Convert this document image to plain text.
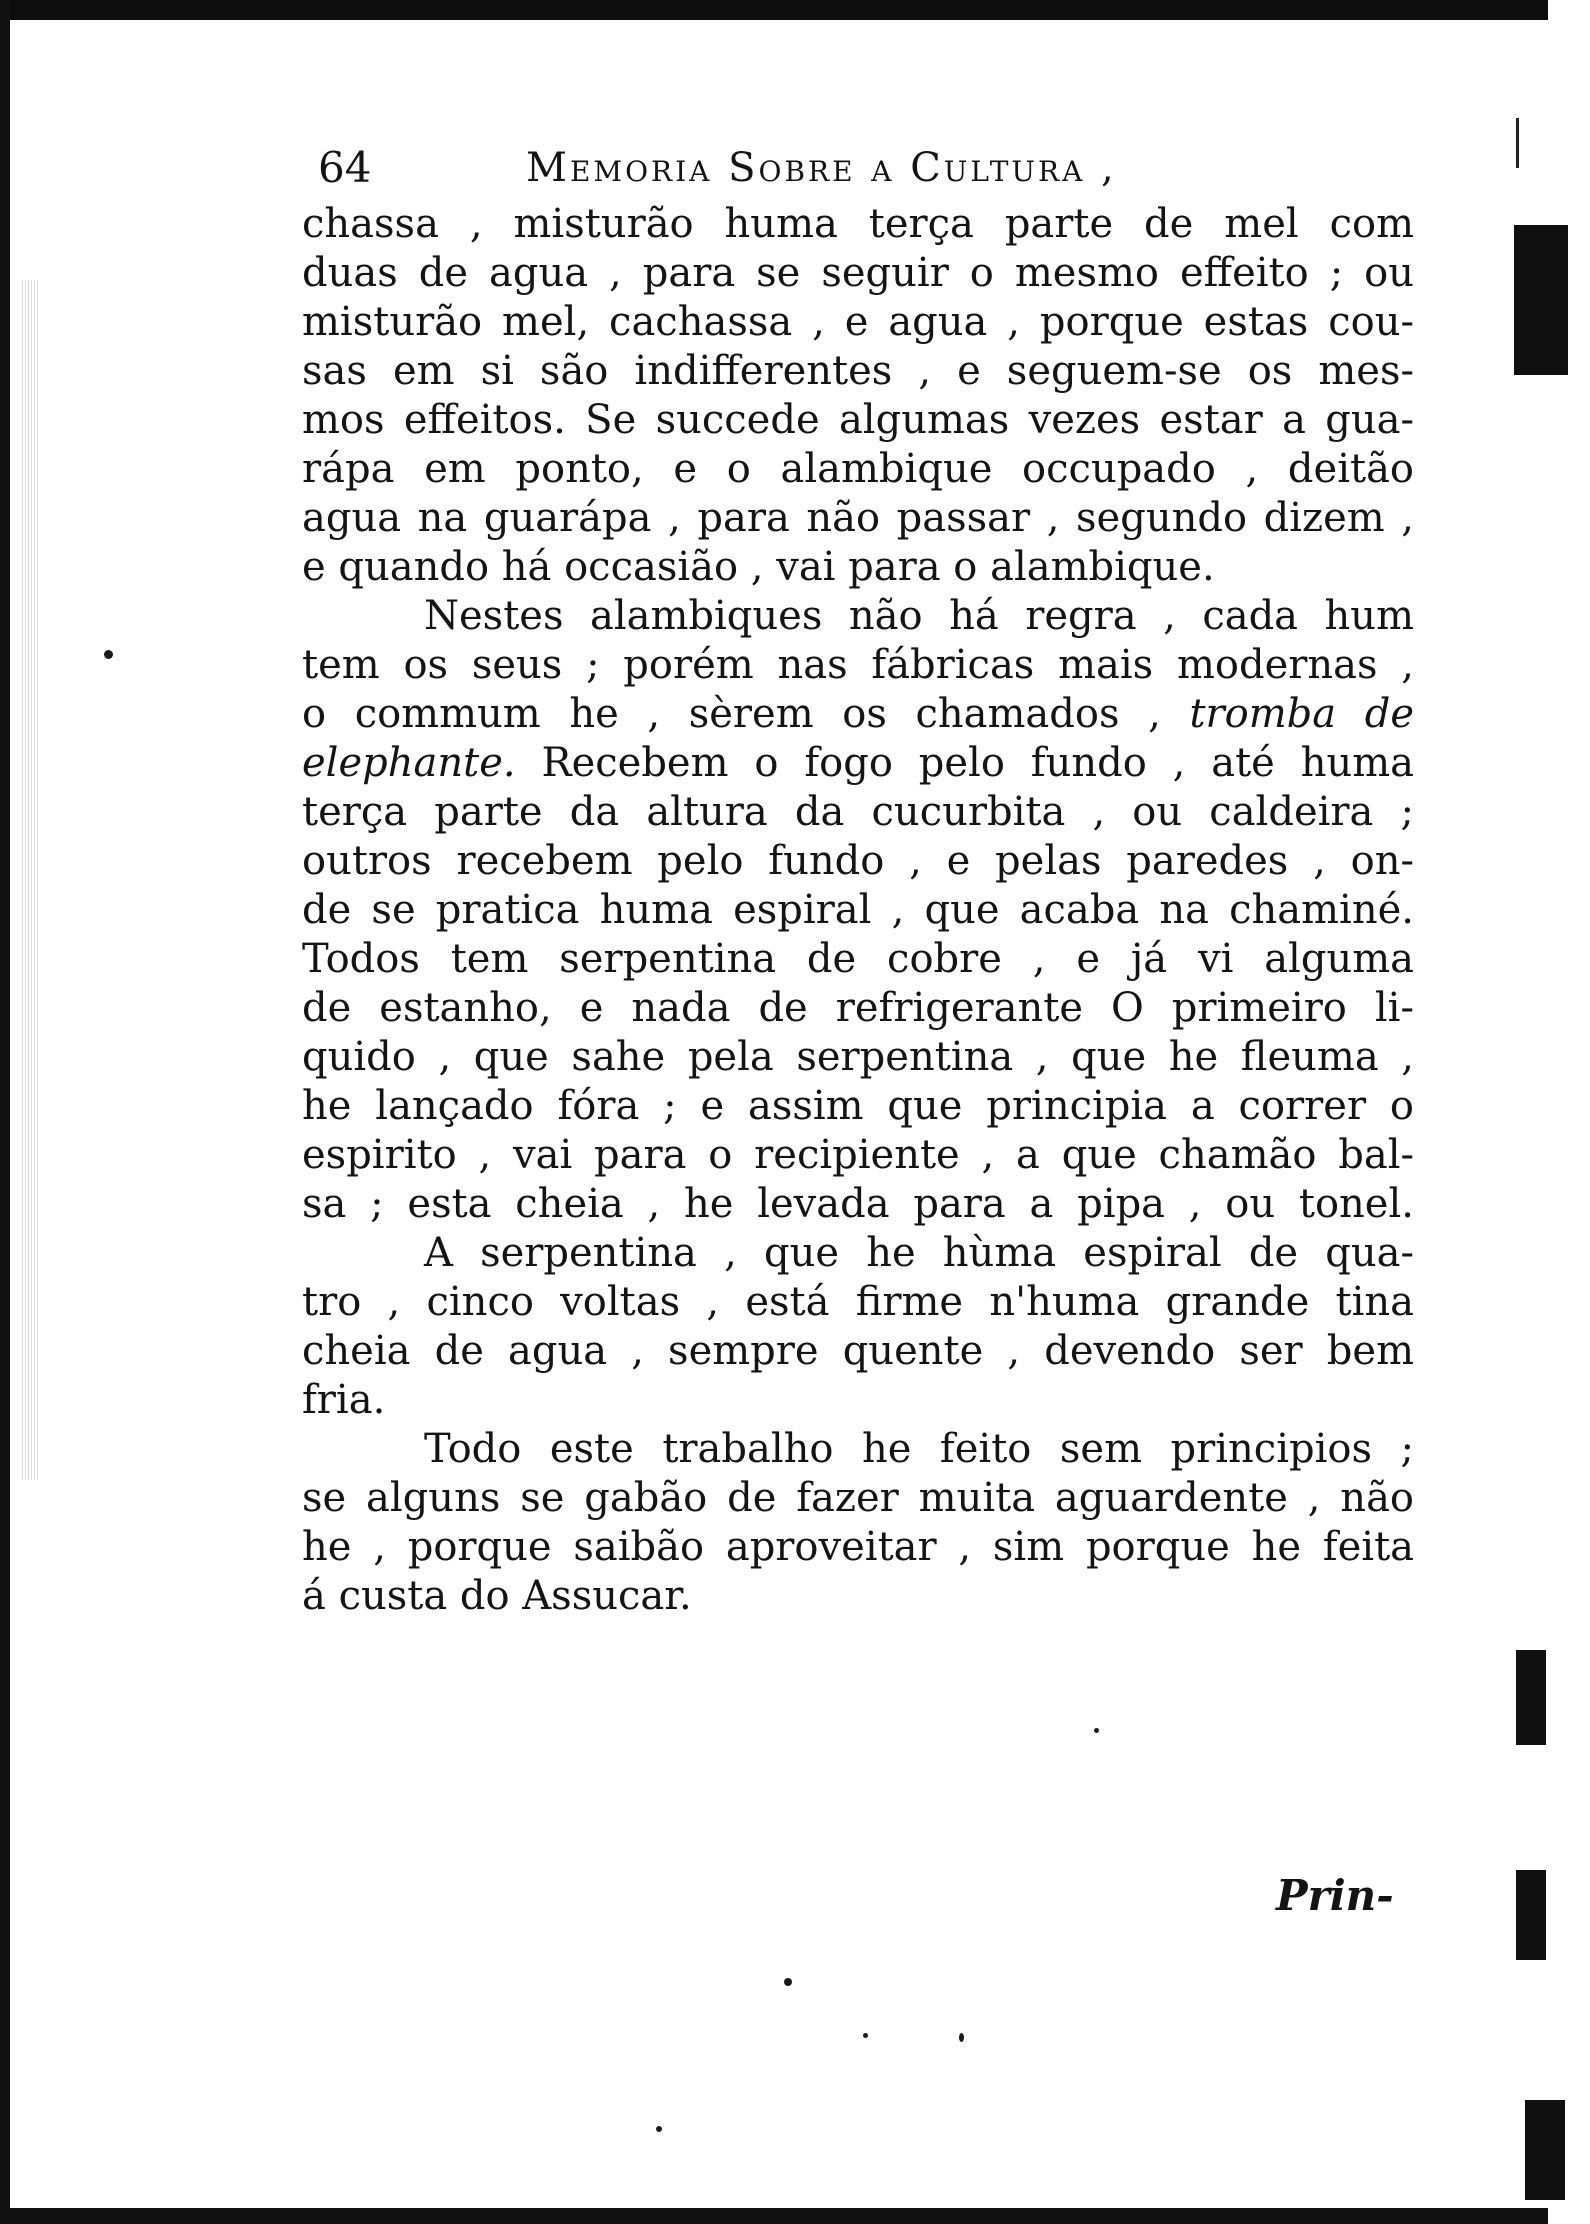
64	Memoria Sobre a Cultura ,
chassa , misturão huma terça parte de mel com
duas de agua , para se seguir o mesmo effeito ; ou
misturão mel, cachassa , e agua , porque estas cou-
sas em si são indifferentes , e seguem-se os mes-
mos effeitos. Se succede algumas vezes estar a gua-
rápa em ponto, e o alambique occupado , deitão
agua na guarápa , para não passar , segundo dizem ,
e quando há occasião , vai para o alambique.
Nestes alambiques não há regra , cada hum
tem os seus ; porém nas fábricas mais modernas ,
o commum he , sèrem os chamados , tromba de
elephante. Recebem o fogo pelo fundo , até huma
terça parte da altura da cucurbita , ou caldeira ;
outros recebem pelo fundo , e pelas paredes , on-
de se pratica huma espiral , que acaba na chaminé.
Todos tem serpentina de cobre , e já vi alguma
de estanho, e nada de refrigerante O primeiro li-
quido , que sahe pela serpentina , que he fleuma ,
he lançado fóra ; e assim que principia a correr o
espirito , vai para o recipiente , a que chamão bal-
sa ; esta cheia , he levada para a pipa , ou tonel.
A serpentina , que he hùma espiral de qua-
tro , cinco voltas , está firme n'huma grande tina
cheia de agua , sempre quente , devendo ser bem
fria.
Todo este trabalho he feito sem principios ;
se alguns se gabão de fazer muita aguardente , não
he , porque saibão aproveitar , sim porque he feita
á custa do Assucar.
Prin-
